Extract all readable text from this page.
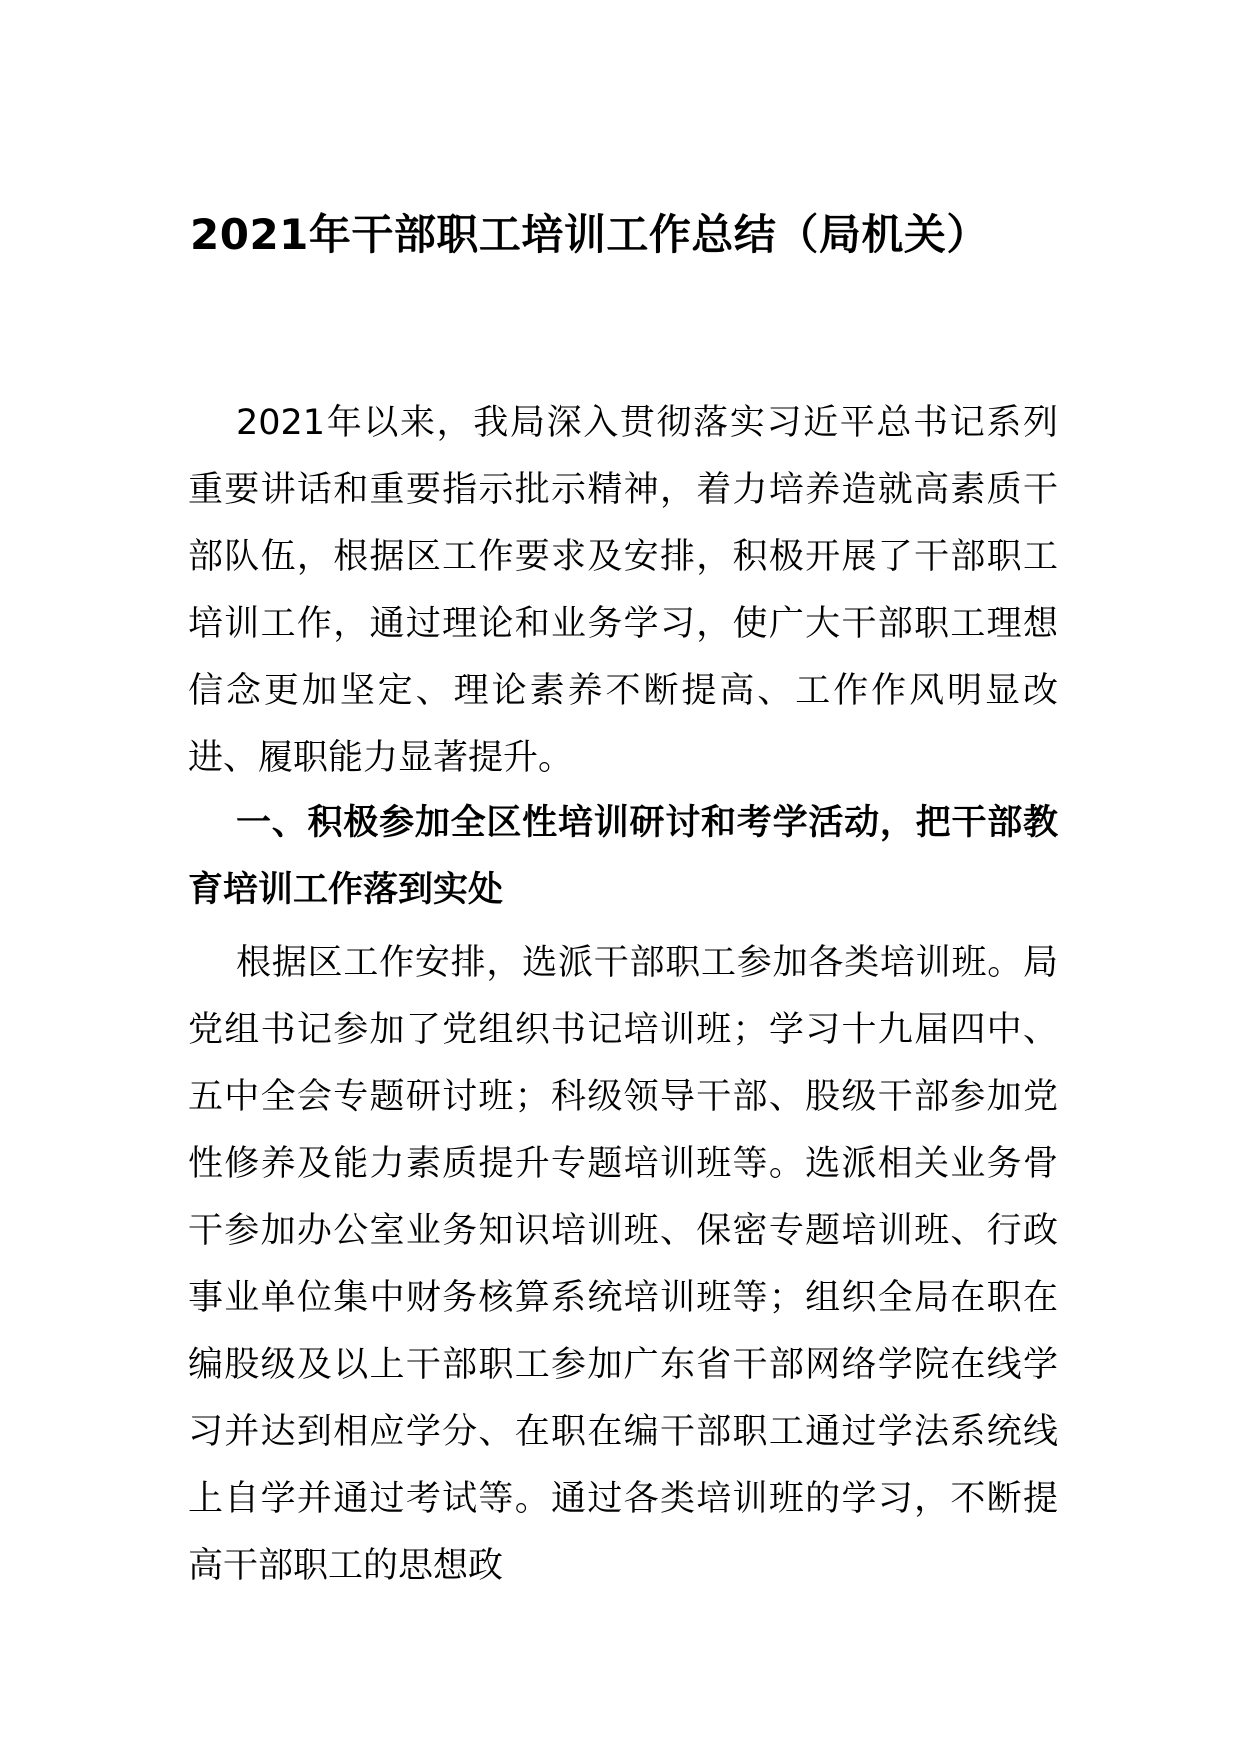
2021年干部职工培训工作总结（局机关）

2021年以来，我局深入贯彻落实习近平总书记系列重要讲话和重要指示批示精神，着力培养造就高素质干部队伍，根据区工作要求及安排，积极开展了干部职工培训工作，通过理论和业务学习，使广大干部职工理想信念更加坚定、理论素养不断提高、工作作风明显改进、履职能力显著提升。

一、积极参加全区性培训研讨和考学活动，把干部教育培训工作落到实处

根据区工作安排，选派干部职工参加各类培训班。局党组书记参加了党组织书记培训班；学习十九届四中、五中全会专题研讨班；科级领导干部、股级干部参加党性修养及能力素质提升专题培训班等。选派相关业务骨干参加办公室业务知识培训班、保密专题培训班、行政事业单位集中财务核算系统培训班等；组织全局在职在编股级及以上干部职工参加广东省干部网络学院在线学习并达到相应学分、在职在编干部职工通过学法系统线上自学并通过考试等。通过各类培训班的学习，不断提高干部职工的思想政
